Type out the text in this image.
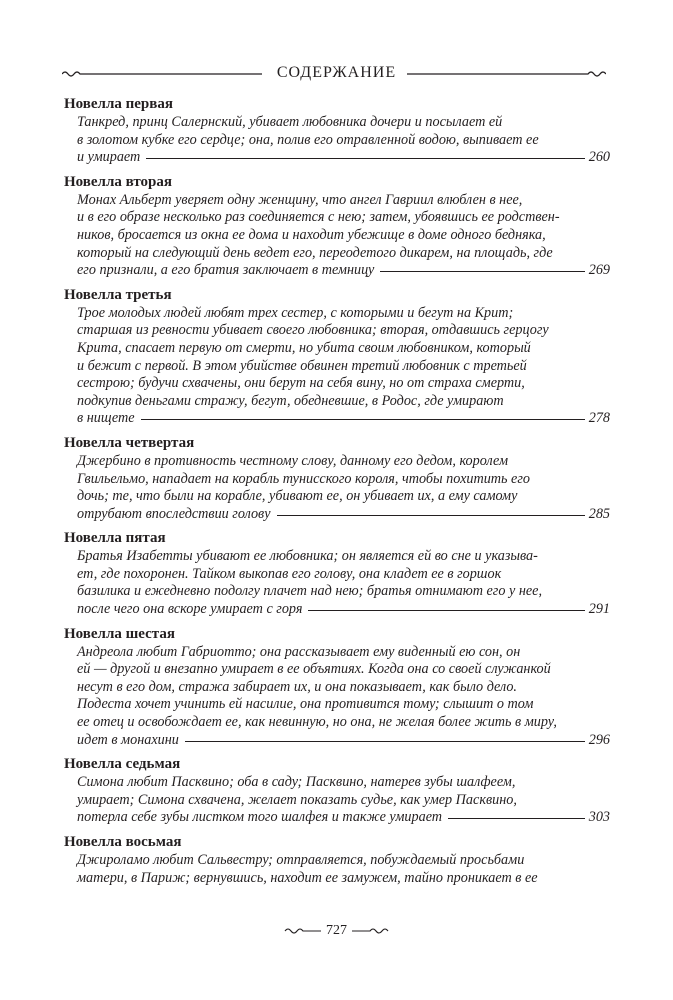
СОДЕРЖАНИЕ
Новелла первая
Танкред, принц Салернский, убивает любовника дочери и посылает ей
в золотом кубке его сердце; она, полив его отравленной водою, выпивает ее
и умирает	260
Новелла вторая
Монах Альберт уверяет одну женщину, что ангел Гавриил влюблен в нее,
и в его образе несколько раз соединяется с нею; затем, убоявшись ее родствен-
ников, бросается из окна ее дома и находит убежище в доме одного бедняка,
который на следующий день ведет его, переодетого дикарем, на площадь, где
его признали, а его братия заключает в темницу	269
Новелла третья
Трое молодых людей любят трех сестер, с которыми и бегут на Крит;
старшая из ревности убивает своего любовника; вторая, отдавшись герцогу
Крита, спасает первую от смерти, но убита своим любовником, который
и бежит с первой. В этом убийстве обвинен третий любовник с третьей
сестрою; будучи схвачены, они берут на себя вину, но от страха смерти,
подкупив деньгами стражу, бегут, обедневшие, в Родос, где умирают
в нищете	278
Новелла четвертая
Джербино в противность честному слову, данному его дедом, королем
Гвильельмо, нападает на корабль тунисского короля, чтобы похитить его
дочь; те, что были на корабле, убивают ее, он убивает их, а ему самому
отрубают впоследствии голову	285
Новелла пятая
Братья Изабетты убивают ее любовника; он является ей во сне и указыва-
ет, где похоронен. Тайком выкопав его голову, она кладет ее в горшок
базилика и ежедневно подолгу плачет над нею; братья отнимают его у нее,
после чего она вскоре умирает с горя	291
Новелла шестая
Андреола любит Габриотто; она рассказывает ему виденный ею сон, он
ей — другой и внезапно умирает в ее объятиях. Когда она со своей служанкой
несут в его дом, стража забирает их, и она показывает, как было дело.
Подеста хочет учинить ей насилие, она противится тому; слышит о том
ее отец и освобождает ее, как невинную, но она, не желая более жить в миру,
идет в монахини	296
Новелла седьмая
Симона любит Пасквино; оба в саду; Пасквино, натерев зубы шалфеем,
умирает; Симона схвачена, желает показать судье, как умер Пасквино,
потерла себе зубы листком того шалфея и также умирает	303
Новелла восьмая
Джироламо любит Сальвестру; отправляется, побуждаемый просьбами
матери, в Париж; вернувшись, находит ее замужем, тайно проникает в ее
727
